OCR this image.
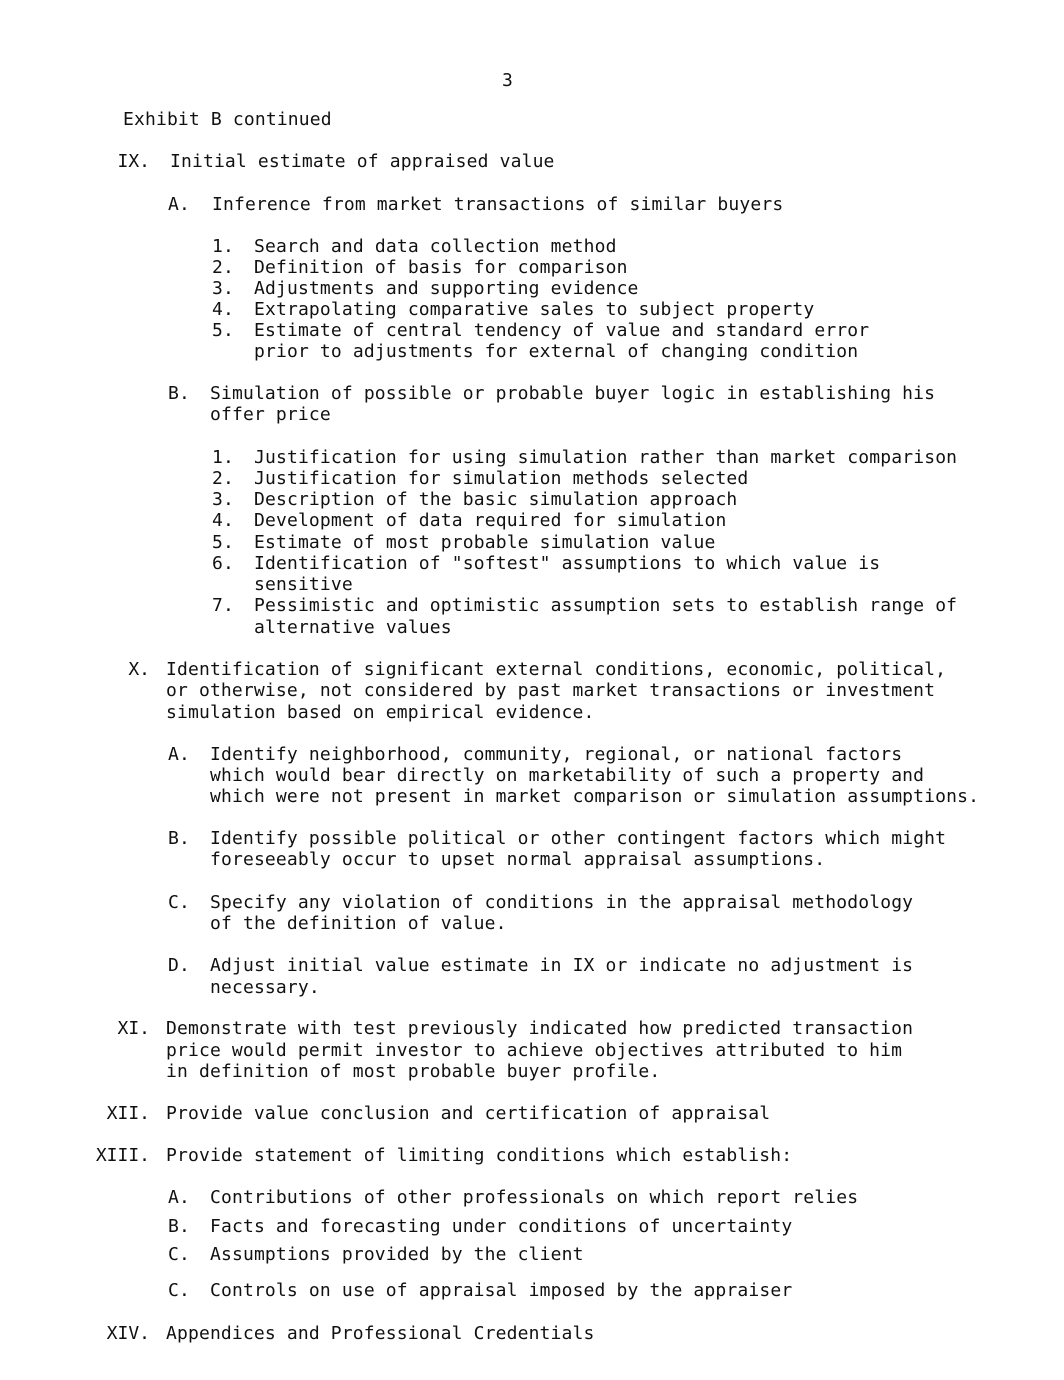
3

Exhibit B continued

IX. Initial estimate of appraised value

A. Inference from market transactions of similar buyers

1. Search and data collection method

2. Definition of basis for comparison

3. Adjustments and supporting evidence

4. Extrapolating comparative sales to subject property

5. Estimate of central tendency of value and standard error

prior to adjustments for external of changing condition

B. Simulation of possible or probable buyer logic in establishing his

offer price

1. Justification for using simulation rather than market comparison

2. Justification for simulation methods selected

3. Description of the basic simulation approach

4. Development of data required for simulation

5. Estimate of most probable simulation value

6. Identification of "softest" assumptions to which value is

sensitive

7. Pessimistic and optimistic assumption sets to establish range of

alternative values

X. Identification of significant external conditions, economic, political,

or otherwise, not considered by past market transactions or investment

simulation based on empirical evidence.

A. Identify neighborhood, community, regional, or national factors

which would bear directly on marketability of such a property and

which were not present in market comparison or simulation assumptions.

B. Identify possible political or other contingent factors which might

foreseeably occur to upset normal appraisal assumptions.

C. Specify any violation of conditions in the appraisal methodology

of the definition of value.

D. Adjust initial value estimate in IX or indicate no adjustment is

necessary.

XI. Demonstrate with test previously indicated how predicted transaction

price would permit investor to achieve objectives attributed to him

in definition of most probable buyer profile.

XII. Provide value conclusion and certification of appraisal

XIII. Provide statement of limiting conditions which establish:

A. Contributions of other professionals on which report relies

B. Facts and forecasting under conditions of uncertainty

C. Assumptions provided by the client

C. Controls on use of appraisal imposed by the appraiser

XIV. Appendices and Professional Credentials
